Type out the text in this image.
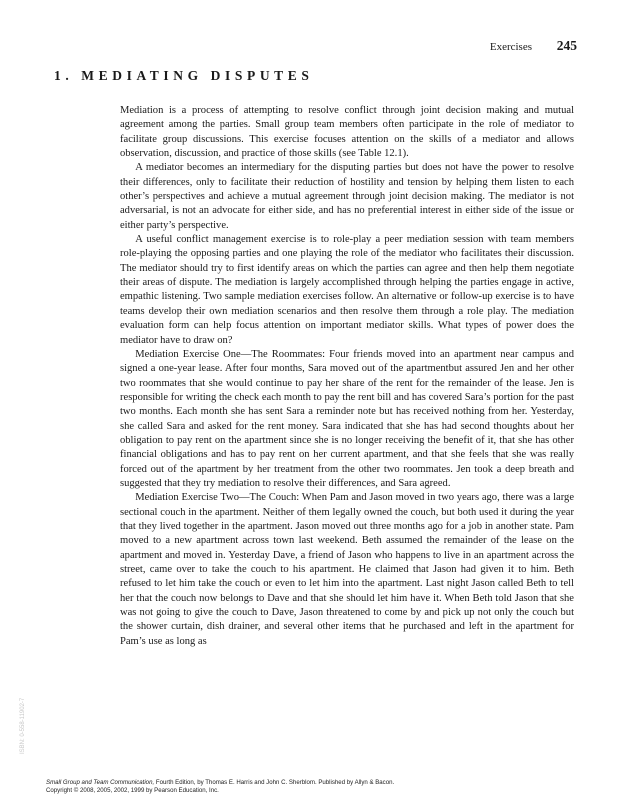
Exercises 245
1. MEDIATING DISPUTES

Mediation is a process of attempting to resolve conflict through joint decision making and mutual agreement among the parties. Small group team members often participate in the role of mediator to facilitate group discussions. This exercise focuses attention on the skills of a mediator and allows observation, discussion, and practice of those skills (see Table 12.1).

A mediator becomes an intermediary for the disputing parties but does not have the power to resolve their differences, only to facilitate their reduction of hostility and tension by helping them listen to each other’s perspectives and achieve a mutual agreement through joint decision making. The mediator is not adversarial, is not an advocate for either side, and has no preferential interest in either side of the issue or either party’s perspective.

A useful conflict management exercise is to role-play a peer mediation session with team members role-playing the opposing parties and one playing the role of the mediator who facilitates their discussion. The mediator should try to first identify areas on which the parties can agree and then help them negotiate their areas of dispute. The mediation is largely accomplished through helping the parties engage in active, empathic listening. Two sample mediation exercises follow. An alternative or follow-up exercise is to have teams develop their own mediation scenarios and then resolve them through a role play. The mediation evaluation form can help focus attention on important mediator skills. What types of power does the mediator have to draw on?

Mediation Exercise One—The Roommates: Four friends moved into an apartment near campus and signed a one-year lease. After four months, Sara moved out of the apartmentbut assured Jen and her other two roommates that she would continue to pay her share of the rent for the remainder of the lease. Jen is responsible for writing the check each month to pay the rent bill and has covered Sara’s portion for the past two months. Each month she has sent Sara a reminder note but has received nothing from her. Yesterday, she called Sara and asked for the rent money. Sara indicated that she has had second thoughts about her obligation to pay rent on the apartment since she is no longer receiving the benefit of it, that she has other financial obligations and has to pay rent on her current apartment, and that she feels that she was really forced out of the apartment by her treatment from the other two roommates. Jen took a deep breath and suggested that they try mediation to resolve their differences, and Sara agreed.

Mediation Exercise Two—The Couch: When Pam and Jason moved in two years ago, there was a large sectional couch in the apartment. Neither of them legally owned the couch, but both used it during the year that they lived together in the apartment. Jason moved out three months ago for a job in another state. Pam moved to a new apartment across town last weekend. Beth assumed the remainder of the lease on the apartment and moved in. Yesterday Dave, a friend of Jason who happens to live in an apartment across the street, came over to take the couch to his apartment. He claimed that Jason had given it to him. Beth refused to let him take the couch or even to let him into the apartment. Last night Jason called Beth to tell her that the couch now belongs to Dave and that she should let him have it. When Beth told Jason that she was not going to give the couch to Dave, Jason threatened to come by and pick up not only the couch but the shower curtain, dish drainer, and several other items that he purchased and left in the apartment for Pam’s use as long as

ISBN: 0-558-11902-7
Small Group and Team Communication, Fourth Edition, by Thomas E. Harris and John C. Sherblom. Published by Allyn & Bacon.
Copyright © 2008, 2005, 2002, 1999 by Pearson Education, Inc.
